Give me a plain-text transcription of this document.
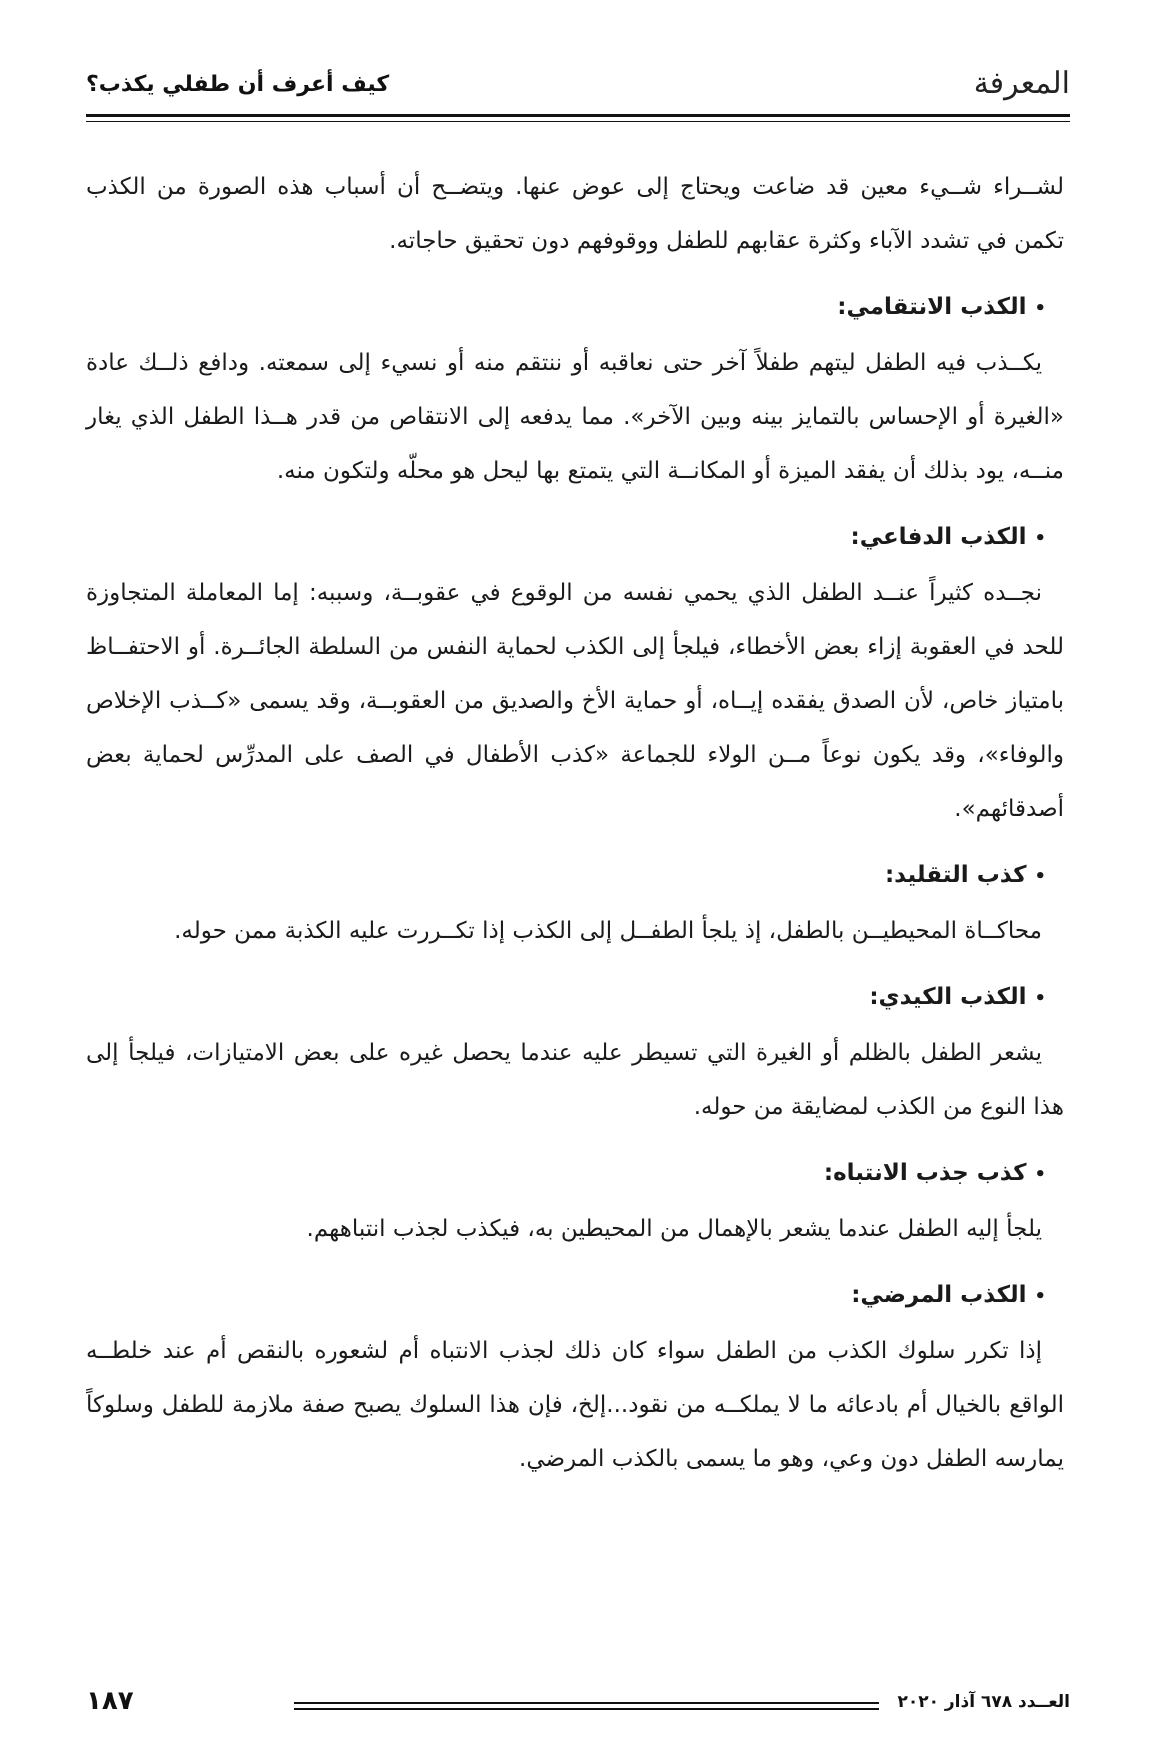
المعرفة
كيف أعرف أن طفلي يكذب؟

لشــراء شــيء معين قد ضاعت ويحتاج إلى عوض عنها. ويتضــح أن أسباب هذه الصورة من الكذب تكمن في تشدد الآباء وكثرة عقابهم للطفل ووقوفهم دون تحقيق حاجاته.

•الكذب الانتقامي:

يكــذب فيه الطفل ليتهم طفلاً آخر حتى نعاقبه أو ننتقم منه أو نسيء إلى سمعته. ودافع ذلــك عادة «الغيرة أو الإحساس بالتمايز بينه وبين الآخر». مما يدفعه إلى الانتقاص من قدر هــذا الطفل الذي يغار منــه، يود بذلك أن يفقد الميزة أو المكانــة التي يتمتع بها ليحل هو محلّه ولتكون منه.

•الكذب الدفاعي:

نجــده كثيراً عنــد الطفل الذي يحمي نفسه من الوقوع في عقوبــة، وسببه: إما المعاملة المتجاوزة للحد في العقوبة إزاء بعض الأخطاء، فيلجأ إلى الكذب لحماية النفس من السلطة الجائــرة. أو الاحتفــاظ بامتياز خاص، لأن الصدق يفقده إيــاه، أو حماية الأخ والصديق من العقوبــة، وقد يسمى «كــذب الإخلاص والوفاء»، وقد يكون نوعاً مــن الولاء للجماعة «كذب الأطفال في الصف على المدرِّس لحماية بعض أصدقائهم».

•كذب التقليد:

محاكــاة المحيطيــن بالطفل، إذ يلجأ الطفــل إلى الكذب إذا تكــررت عليه الكذبة ممن حوله.

•الكذب الكيدي:

يشعر الطفل بالظلم أو الغيرة التي تسيطر عليه عندما يحصل غيره على بعض الامتيازات، فيلجأ إلى هذا النوع من الكذب لمضايقة من حوله.

•كذب جذب الانتباه:

يلجأ إليه الطفل عندما يشعر بالإهمال من المحيطين به، فيكذب لجذب انتباههم.

•الكذب المرضي:

إذا تكرر سلوك الكذب من الطفل سواء كان ذلك لجذب الانتباه أم لشعوره بالنقص أم عند خلطــه الواقع بالخيال أم بادعائه ما لا يملكــه من نقود...إلخ، فإن هذا السلوك يصبح صفة ملازمة للطفل وسلوكاً يمارسه الطفل دون وعي، وهو ما يسمى بالكذب المرضي.

١٨٧	العــدد ٦٧٨ آذار ٢٠٢٠
